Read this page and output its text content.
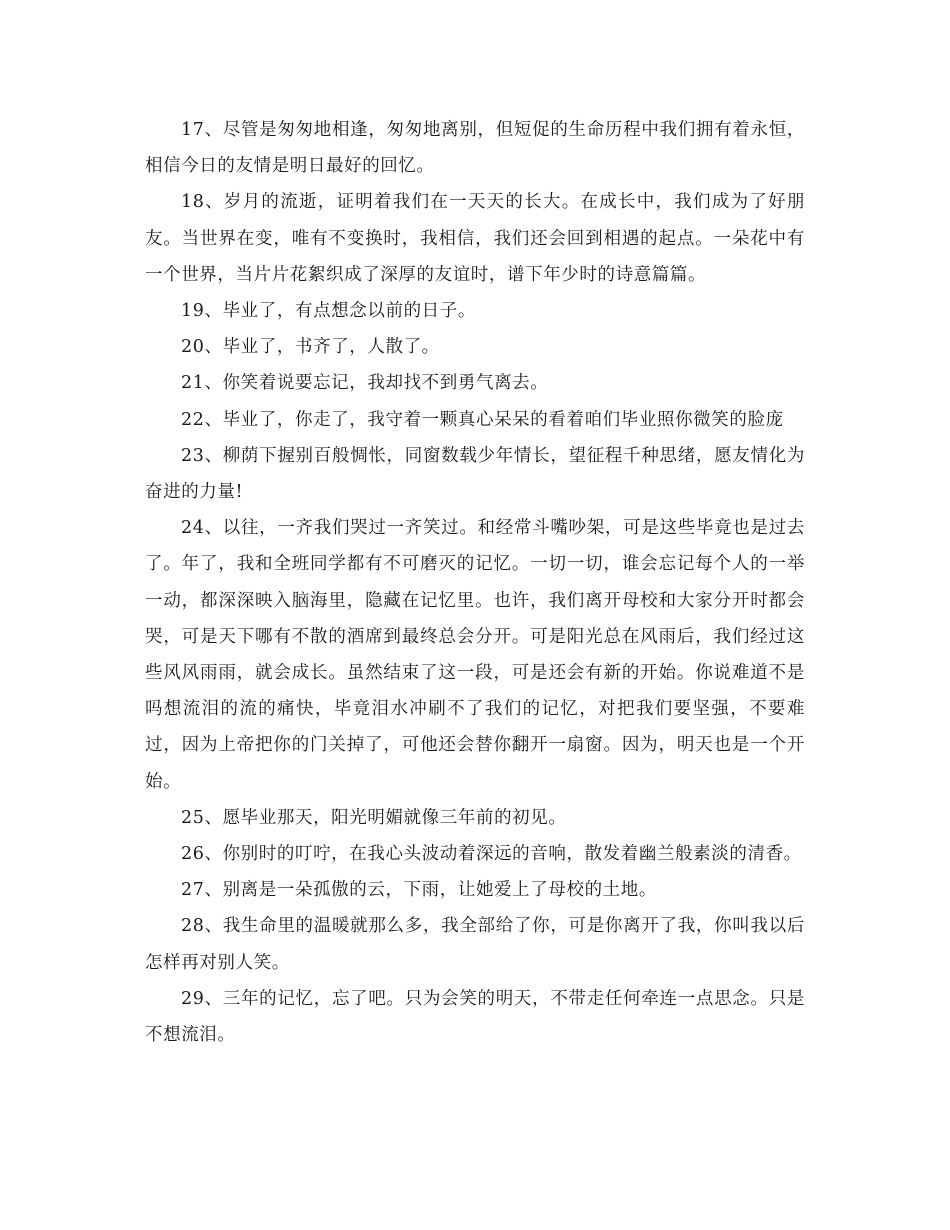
17、尽管是匆匆地相逢，匆匆地离别，但短促的生命历程中我们拥有着永恒，相信今日的友情是明日最好的回忆。

18、岁月的流逝，证明着我们在一天天的长大。在成长中，我们成为了好朋友。当世界在变，唯有不变换时，我相信，我们还会回到相遇的起点。一朵花中有一个世界，当片片花絮织成了深厚的友谊时，谱下年少时的诗意篇篇。

19、毕业了，有点想念以前的日子。

20、毕业了，书齐了，人散了。

21、你笑着说要忘记，我却找不到勇气离去。

22、毕业了，你走了，我守着一颗真心呆呆的看着咱们毕业照你微笑的脸庞

23、柳荫下握别百般惆怅，同窗数载少年情长，望征程千种思绪，愿友情化为奋进的力量!

24、以往，一齐我们哭过一齐笑过。和经常斗嘴吵架，可是这些毕竟也是过去了。年了，我和全班同学都有不可磨灭的记忆。一切一切，谁会忘记每个人的一举一动，都深深映入脑海里，隐藏在记忆里。也许，我们离开母校和大家分开时都会哭，可是天下哪有不散的酒席到最终总会分开。可是阳光总在风雨后，我们经过这些风风雨雨，就会成长。虽然结束了这一段，可是还会有新的开始。你说难道不是吗想流泪的流的痛快，毕竟泪水冲刷不了我们的记忆，对把我们要坚强，不要难过，因为上帝把你的门关掉了，可他还会替你翻开一扇窗。因为，明天也是一个开始。

25、愿毕业那天，阳光明媚就像三年前的初见。

26、你别时的叮咛，在我心头波动着深远的音响，散发着幽兰般素淡的清香。

27、别离是一朵孤傲的云，下雨，让她爱上了母校的土地。

28、我生命里的温暖就那么多，我全部给了你，可是你离开了我，你叫我以后怎样再对别人笑。

29、三年的记忆，忘了吧。只为会笑的明天，不带走任何牵连一点思念。只是不想流泪。
